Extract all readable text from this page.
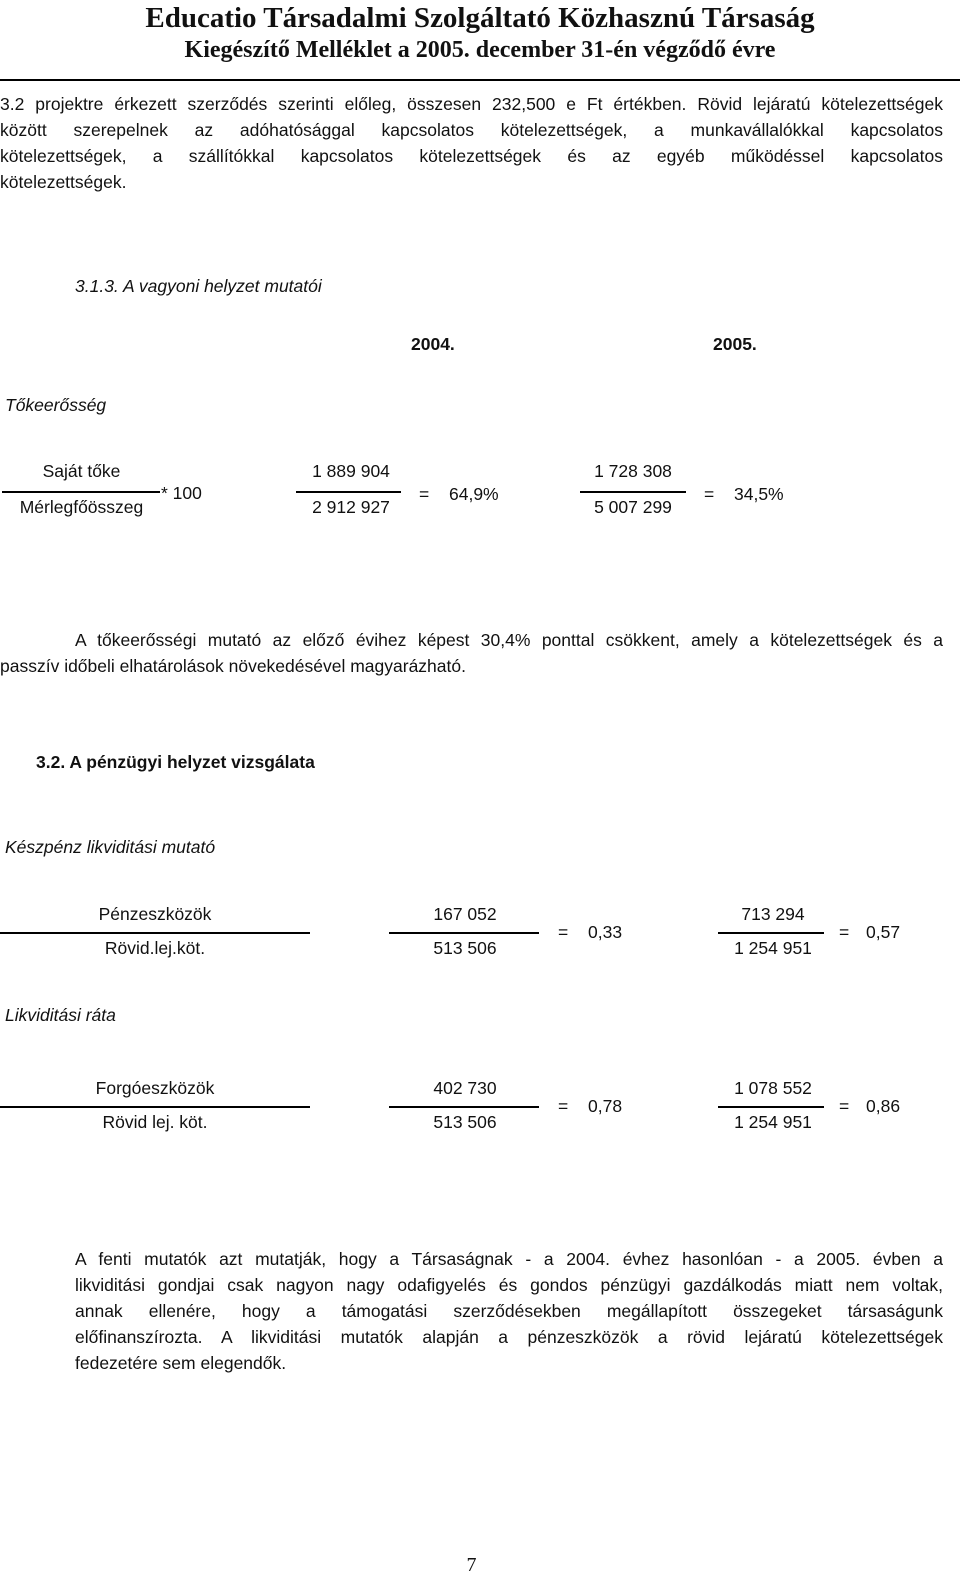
Educatio Társadalmi Szolgáltató Közhasznú Társaság
Kiegészítő Melléklet a 2005. december 31-én végződő évre
3.2 projektre érkezett szerződés szerinti előleg, összesen 232,500 e Ft értékben. Rövid lejáratú kötelezettségek
között szerepelnek az adóhatósággal kapcsolatos kötelezettségek, a munkavállalókkal kapcsolatos
kötelezettségek, a szállítókkal kapcsolatos kötelezettségek és az egyéb működéssel kapcsolatos
kötelezettségek.
3.1.3. A vagyoni helyzet mutatói
2004.	2005.
Tőkeerősség
Saját tőke
* 100
Mérlegfőösszeg
1 889 904
2 912 927
= 64,9%
1 728 308
5 007 299
= 34,5%
A tőkeerősségi mutató az előző évihez képest 30,4% ponttal csökkent, amely a kötelezettségek és a
passzív időbeli elhatárolások növekedésével magyarázható.
3.2. A pénzügyi helyzet vizsgálata
Készpénz likviditási mutató
Pénzeszközök
Rövid.lej.köt.
167 052
513 506
= 0,33
713 294
1 254 951
= 0,57
Likviditási ráta
Forgóeszközök
Rövid lej. köt.
402 730
513 506
= 0,78
1 078 552
1 254 951
= 0,86
A fenti mutatók azt mutatják, hogy a Társaságnak - a 2004. évhez hasonlóan - a 2005. évben a
likviditási gondjai csak nagyon nagy odafigyelés és gondos pénzügyi gazdálkodás miatt nem voltak,
annak ellenére, hogy a támogatási szerződésekben megállapított összegeket társaságunk
előfinanszírozta. A likviditási mutatók alapján a pénzeszközök a rövid lejáratú kötelezettségek
fedezetére sem elegendők.
7
